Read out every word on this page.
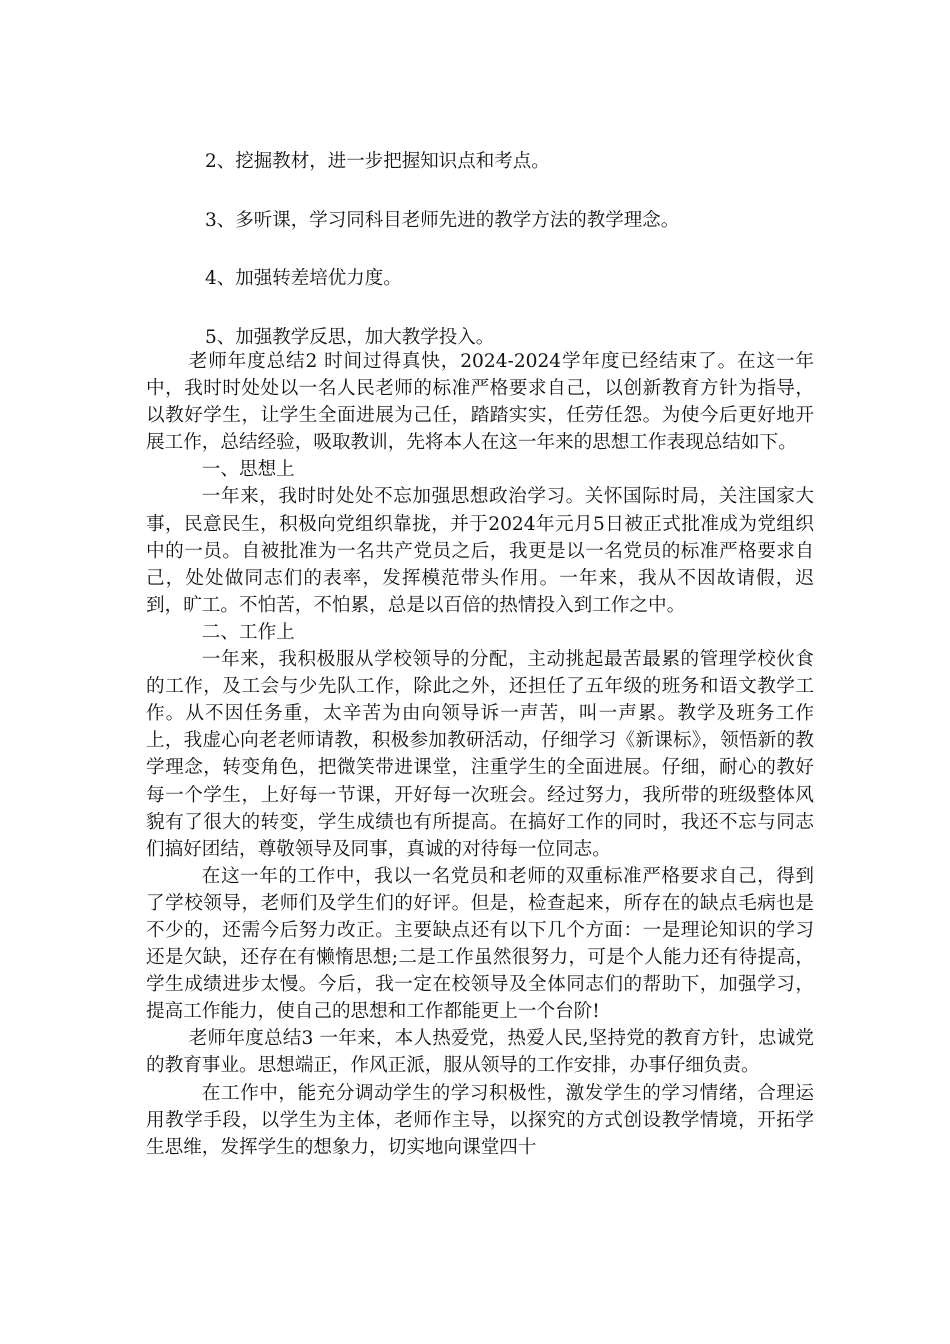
2、挖掘教材，进一步把握知识点和考点。

3、多听课，学习同科目老师先进的教学方法的教学理念。

4、加强转差培优力度。

5、加强教学反思，加大教学投入。

老师年度总结2 时间过得真快，2024-2024学年度已经结束了。在这一年中，我时时处处以一名人民老师的标准严格要求自己，以创新教育方针为指导，以教好学生，让学生全面进展为己任，踏踏实实，任劳任怨。为使今后更好地开展工作，总结经验，吸取教训，先将本人在这一年来的思想工作表现总结如下。

一、思想上

一年来，我时时处处不忘加强思想政治学习。关怀国际时局，关注国家大事，民意民生，积极向党组织靠拢，并于2024年元月5日被正式批准成为党组织中的一员。自被批准为一名共产党员之后，我更是以一名党员的标准严格要求自己，处处做同志们的表率，发挥模范带头作用。一年来，我从不因故请假，迟到，旷工。不怕苦，不怕累，总是以百倍的热情投入到工作之中。

二、工作上

一年来，我积极服从学校领导的分配，主动挑起最苦最累的管理学校伙食的工作，及工会与少先队工作，除此之外，还担任了五年级的班务和语文教学工作。从不因任务重，太辛苦为由向领导诉一声苦，叫一声累。教学及班务工作上，我虚心向老老师请教，积极参加教研活动，仔细学习《新课标》，领悟新的教学理念，转变角色，把微笑带进课堂，注重学生的全面进展。仔细，耐心的教好每一个学生，上好每一节课，开好每一次班会。经过努力，我所带的班级整体风貌有了很大的转变，学生成绩也有所提高。在搞好工作的同时，我还不忘与同志们搞好团结，尊敬领导及同事，真诚的对待每一位同志。

在这一年的工作中，我以一名党员和老师的双重标准严格要求自己，得到了学校领导，老师们及学生们的好评。但是，检查起来，所存在的缺点毛病也是不少的，还需今后努力改正。主要缺点还有以下几个方面：一是理论知识的学习还是欠缺，还存在有懒惰思想;二是工作虽然很努力，可是个人能力还有待提高，学生成绩进步太慢。今后，我一定在校领导及全体同志们的帮助下，加强学习，提高工作能力，使自己的思想和工作都能更上一个台阶!

老师年度总结3 一年来，本人热爱党，热爱人民,坚持党的教育方针，忠诚党的教育事业。思想端正，作风正派，服从领导的工作安排，办事仔细负责。

在工作中，能充分调动学生的学习积极性，激发学生的学习情绪，合理运用教学手段，以学生为主体，老师作主导，以探究的方式创设教学情境，开拓学生思维，发挥学生的想象力，切实地向课堂四十
